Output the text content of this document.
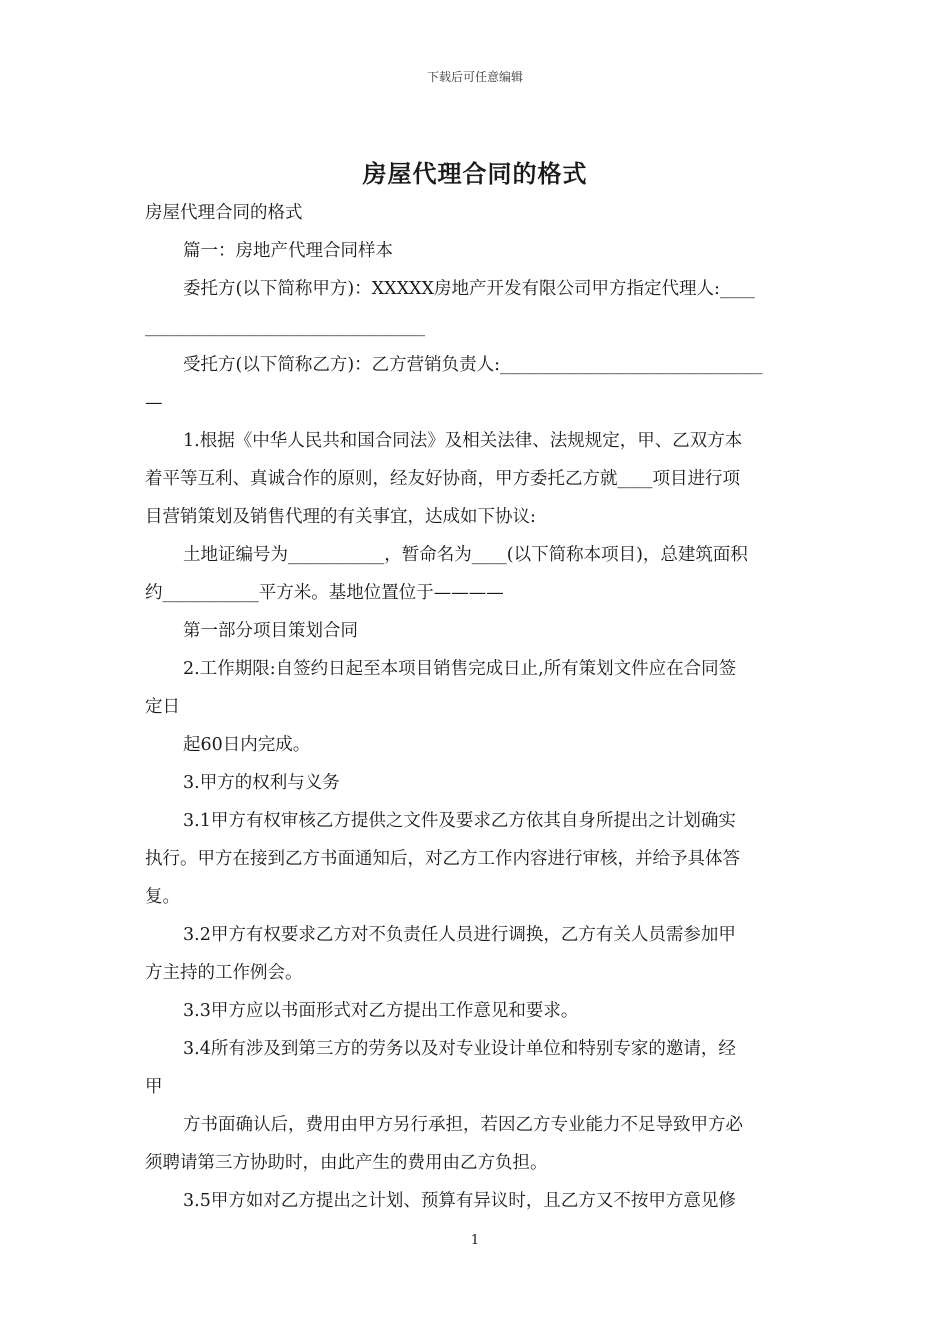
下载后可任意编辑
房屋代理合同的格式
房屋代理合同的格式
篇一：房地产代理合同样本
委托方(以下简称甲方)：XXXXX房地产开发有限公司甲方指定代理人:____
________________________________
受托方(以下简称乙方)：乙方营销负责人:______________________________
—
1.根据《中华人民共和国合同法》及相关法律、法规规定，甲、乙双方本
着平等互利、真诚合作的原则，经友好协商，甲方委托乙方就____项目进行项
目营销策划及销售代理的有关事宜，达成如下协议:
土地证编号为___________，暂命名为____(以下简称本项目)，总建筑面积
约___________平方米。基地位置位于————
第一部分项目策划合同
2.工作期限:自签约日起至本项目销售完成日止,所有策划文件应在合同签
定日
起60日内完成。
3.甲方的权利与义务
3.1甲方有权审核乙方提供之文件及要求乙方依其自身所提出之计划确实
执行。甲方在接到乙方书面通知后，对乙方工作内容进行审核，并给予具体答
复。
3.2甲方有权要求乙方对不负责任人员进行调换，乙方有关人员需参加甲
方主持的工作例会。
3.3甲方应以书面形式对乙方提出工作意见和要求。
3.4所有涉及到第三方的劳务以及对专业设计单位和特别专家的邀请，经
甲
方书面确认后，费用由甲方另行承担，若因乙方专业能力不足导致甲方必
须聘请第三方协助时，由此产生的费用由乙方负担。
3.5甲方如对乙方提出之计划、预算有异议时，且乙方又不按甲方意见修
1
